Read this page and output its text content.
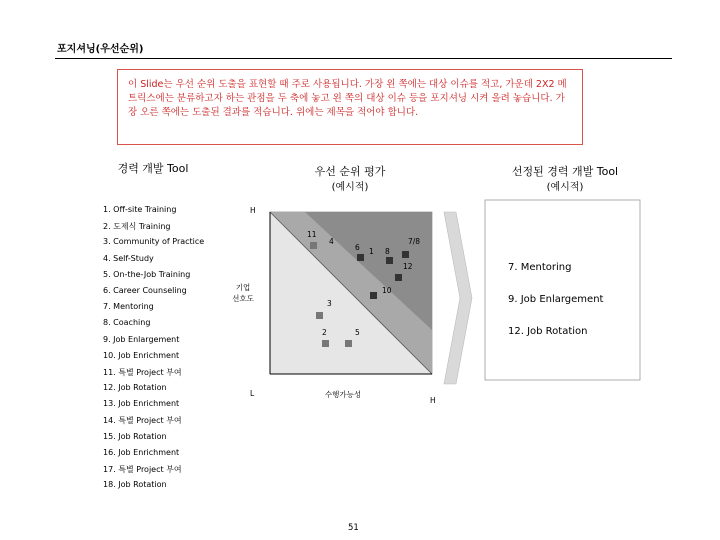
포지셔닝(우선순위)
이 Slide는 우선 순위 도출을 표현할 때 주로 사용됩니다. 가장 왼 쪽에는 대상 이슈를 적고, 가운데 2X2 메트릭스에는 분류하고자 하는 관점을 두 축에 놓고 왼 쪽의 대상 이슈 등을 포지셔닝 시켜 올려 놓습니다. 가장 오른 쪽에는 도출된 결과를 적습니다. 위에는 제목을 적어야 합니다.
경력 개발 Tool
1. Off-site Training
2. 도제식 Training
3. Community of Practice
4. Self-Study
5. On-the-Job Training
6. Career Counseling
7. Mentoring
8. Coaching
9. Job Enlargement
10. Job Enrichment
11. 특별 Project 부여
12. Job Rotation
13. Job Enrichment
14. 특별 Project 부여
15. Job Rotation
16. Job Enrichment
17. 특별 Project 부여
18. Job Rotation
우선 순위 평가
(예시적)
선정된 경력 개발 Tool
(예시적)
H
L
H
기업
선호도
수행가능성
11
4
6 1 8
7/8
12
10
3
2	5
7. Mentoring
9. Job Enlargement
12. Job Rotation
51
